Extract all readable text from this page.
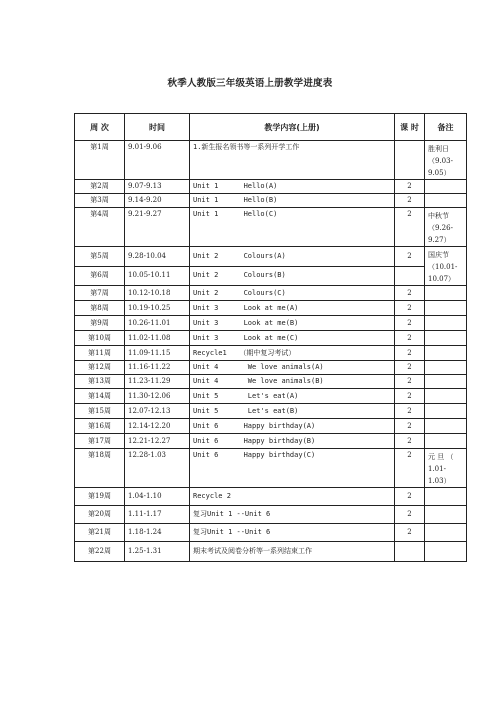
秋季人教版三年级英语上册教学进度表
周 次	时间	教学内容(上册)	课 时	备注
第1周	9.01-9.06	1.新生报名领书等一系列开学工作		胜利日（9.03-9.05）
第2周	9.07-9.13	Unit 1      Hello(A)	2	
第3周	9.14-9.20	Unit 1      Hello(B)	2	
第4周	9.21-9.27	Unit 1      Hello(C)	2	中秋节（9.26-9.27）
第5周	9.28-10.04	Unit 2      Colours(A)	2	国庆节（10.01-10.07）
第6周	10.05-10.11	Unit 2      Colours(B)		
第7周	10.12-10.18	Unit 2      Colours(C)	2	
第8周	10.19-10.25	Unit 3      Look at me(A)	2	
第9周	10.26-11.01	Unit 3      Look at me(B)	2	
第10周	11.02-11.08	Unit 3      Look at me(C)	2	
第11周	11.09-11.15	Recycle1   （期中复习考试）	2	
第12周	11.16-11.22	Unit 4       We love animals(A)	2	
第13周	11.23-11.29	Unit 4       We love animals(B)	2	
第14周	11.30-12.06	Unit 5       Let's eat(A)	2	
第15周	12.07-12.13	Unit 5       Let's eat(B)	2	
第16周	12.14-12.20	Unit 6      Happy birthday(A)	2	
第17周	12.21-12.27	Unit 6      Happy birthday(B)	2	
第18周	12.28-1.03	Unit 6      Happy birthday(C)	2	元 旦 （ 1.01-1.03）
第19周	1.04-1.10	Recycle 2	2	
第20周	1.11-1.17	复习Unit 1 --Unit 6	2	
第21周	1.18-1.24	复习Unit 1 --Unit 6	2	
第22周	1.25-1.31	期末考试及阅卷分析等一系列结束工作		
